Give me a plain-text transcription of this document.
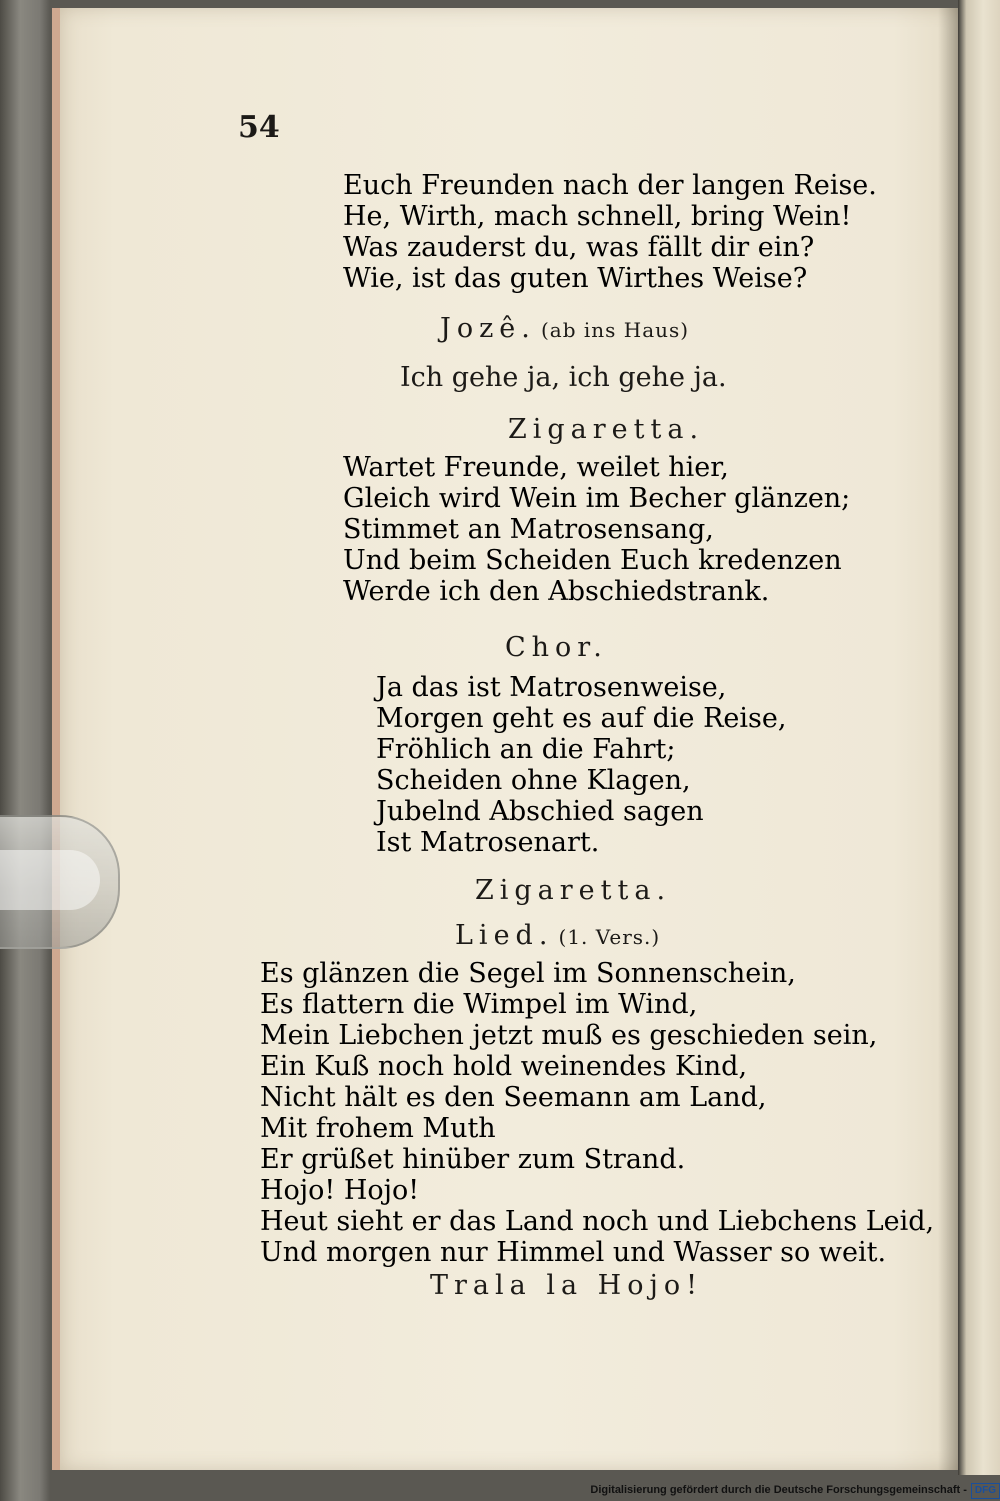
54
Euch Freunden nach der langen Reise.
He, Wirth, mach schnell, bring Wein!
Was zauderst du, was fällt dir ein?
Wie, ist das guten Wirthes Weise?
Jozê. (ab ins Haus)
Ich gehe ja, ich gehe ja.
Zigaretta.
Wartet Freunde, weilet hier,
Gleich wird Wein im Becher glänzen;
Stimmet an Matrosensang,
Und beim Scheiden Euch kredenzen
Werde ich den Abschiedstrank.
Chor.
Ja das ist Matrosenweise,
Morgen geht es auf die Reise,
Fröhlich an die Fahrt;
Scheiden ohne Klagen,
Jubelnd Abschied sagen
Ist Matrosenart.
Zigaretta.
Lied. (1. Vers.)
Es glänzen die Segel im Sonnenschein,
Es flattern die Wimpel im Wind,
Mein Liebchen jetzt muß es geschieden sein,
Ein Kuß noch hold weinendes Kind,
Nicht hält es den Seemann am Land,
Mit frohem Muth
Er grüßet hinüber zum Strand.
Hojo! Hojo!
Heut sieht er das Land noch und Liebchens Leid,
Und morgen nur Himmel und Wasser so weit.
Trala la Hojo!
Digitalisierung gefördert durch die Deutsche Forschungsgemeinschaft - DFG
